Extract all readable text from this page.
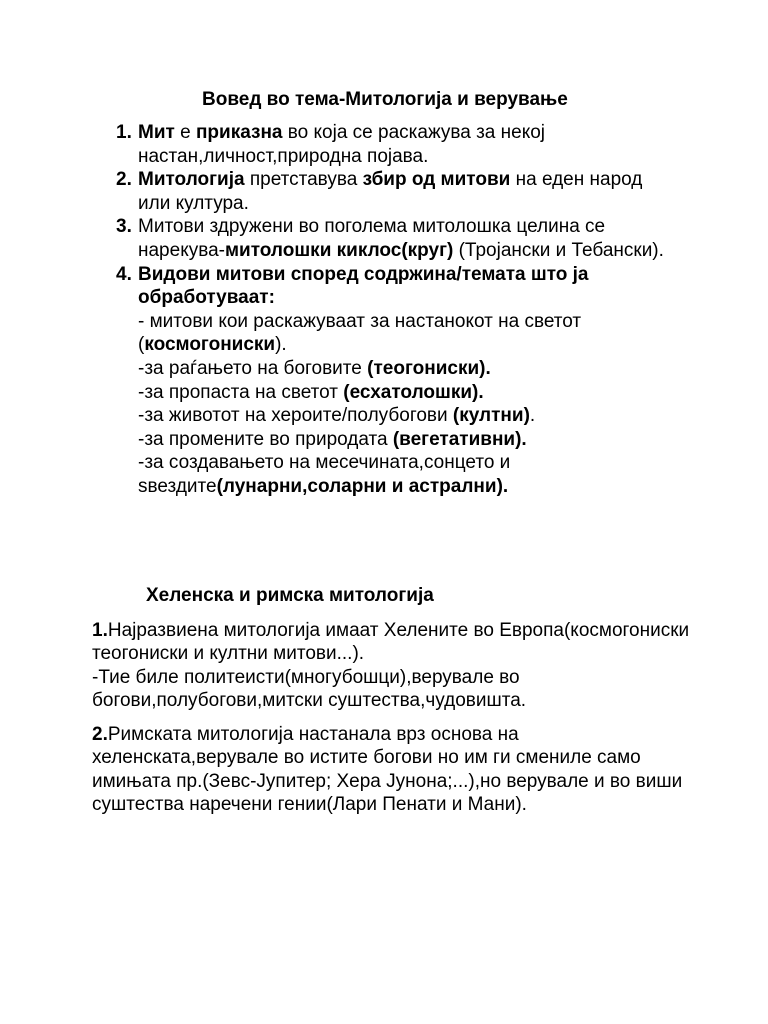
Вовед во тема-Митологија и верување
1. Мит е приказна во која се раскажува за некој настан,личност,природна појава.
2. Митологија претставува збир од митови на еден народ или култура.
3. Митови здружени во поголема митолошка целина се нарекува-митолошки киклос(круг) (Тројански и Тебански).
4. Видови митови според содржина/темата што ја обработуваат:
- митови кои раскажуваат за настанокот на светот (космогониски).
-за раѓањето на боговите (теогониски).
-за пропаста на светот (есхатолошки).
-за животот на хероите/полубогови (култни).
-за промените во природата (вегетативни).
-за создавањето на месечината,сонцето и ѕвездите(лунарни,соларни и астрални).
Хеленска и римска митологија

1.Најразвиена митологија имаат Хелените во Европа(космогониски теогониски и култни митови...).
-Тие биле политеисти(многубошци),верувале во богови,полубогови,митски суштества,чудовишта.

2.Римската митологија настанала врз основа на хеленската,верувале во истите богови но им ги смениле само имињата пр.(Зевс-Јупитер; Хера Јунона;...),но верувале и во виши суштества наречени гении(Лари Пенати и Мани).
